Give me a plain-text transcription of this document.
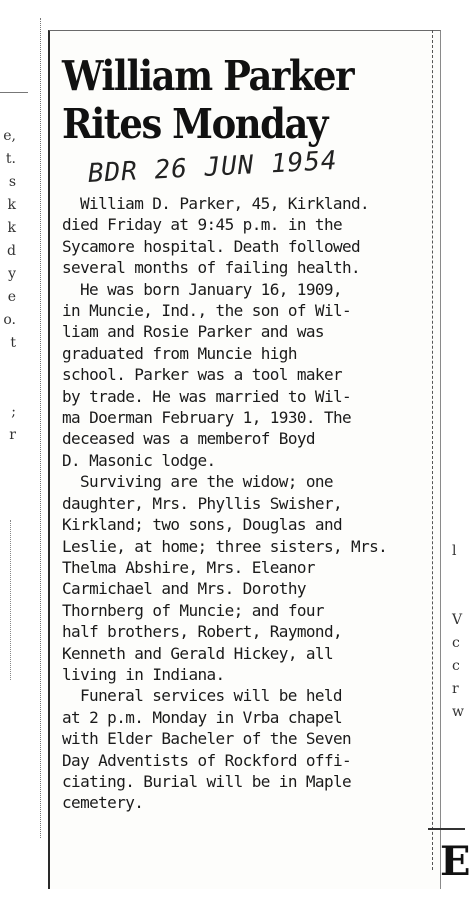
e,
t.
s
k
k
d
y
e
o.
t

;
r
William Parker
Rites Monday
BDR 26 JUN 1954

William D. Parker, 45, Kirkland.
died Friday at 9:45 p.m. in the
Sycamore hospital. Death followed
several months of failing health.

He was born January 16, 1909,
in Muncie, Ind., the son of Wil-
liam and Rosie Parker and was
graduated from Muncie high
school. Parker was a tool maker
by trade. He was married to Wil-
ma Doerman February 1, 1930. The
deceased was a memberof Boyd
D. Masonic lodge.

Surviving are the widow; one
daughter, Mrs. Phyllis Swisher,
Kirkland; two sons, Douglas and
Leslie, at home; three sisters, Mrs.
Thelma Abshire, Mrs. Eleanor
Carmichael and Mrs. Dorothy
Thornberg of Muncie; and four
half brothers, Robert, Raymond,
Kenneth and Gerald Hickey, all
living in Indiana.

Funeral services will be held
at 2 p.m. Monday in Vrba chapel
with Elder Bacheler of the Seven
Day Adventists of Rockford offi-
ciating. Burial will be in Maple
cemetery.

l

V
c
c
r
w
E
